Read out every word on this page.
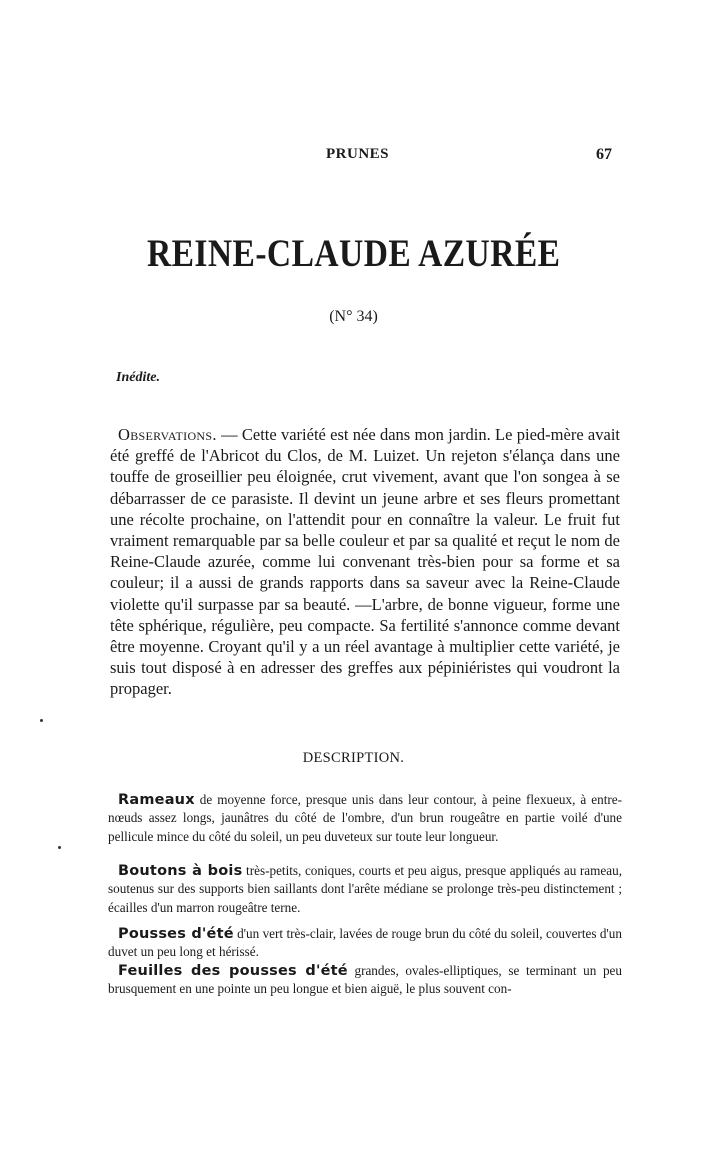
PRUNES	67
REINE-CLAUDE AZURÉE
(N° 34)
Inédite.

Observations. — Cette variété est née dans mon jardin. Le pied-mère avait été greffé de l'Abricot du Clos, de M. Luizet. Un rejeton s'élança dans une touffe de groseillier peu éloignée, crut vivement, avant que l'on songea à se débarrasser de ce parasiste. Il devint un jeune arbre et ses fleurs promettant une récolte prochaine, on l'attendit pour en connaître la valeur. Le fruit fut vraiment remarquable par sa belle couleur et par sa qualité et reçut le nom de Reine-Claude azurée, comme lui convenant très-bien pour sa forme et sa couleur; il a aussi de grands rapports dans sa saveur avec la Reine-Claude violette qu'il surpasse par sa beauté. —L'arbre, de bonne vigueur, forme une tête sphérique, régulière, peu compacte. Sa fertilité s'annonce comme devant être moyenne. Croyant qu'il y a un réel avantage à multiplier cette variété, je suis tout disposé à en adresser des greffes aux pépiniéristes qui voudront la propager.

DESCRIPTION.

Rameaux de moyenne force, presque unis dans leur contour, à peine flexueux, à entre-nœuds assez longs, jaunâtres du côté de l'ombre, d'un brun rougeâtre en partie voilé d'une pellicule mince du côté du soleil, un peu duveteux sur toute leur longueur.

Boutons à bois très-petits, coniques, courts et peu aigus, presque appliqués au rameau, soutenus sur des supports bien saillants dont l'arête médiane se prolonge très-peu distinctement ; écailles d'un marron rougeâtre terne.

Pousses d'été d'un vert très-clair, lavées de rouge brun du côté du soleil, couvertes d'un duvet un peu long et hérissé.

Feuilles des pousses d'été grandes, ovales-elliptiques, se terminant un peu brusquement en une pointe un peu longue et bien aiguë, le plus souvent con-
